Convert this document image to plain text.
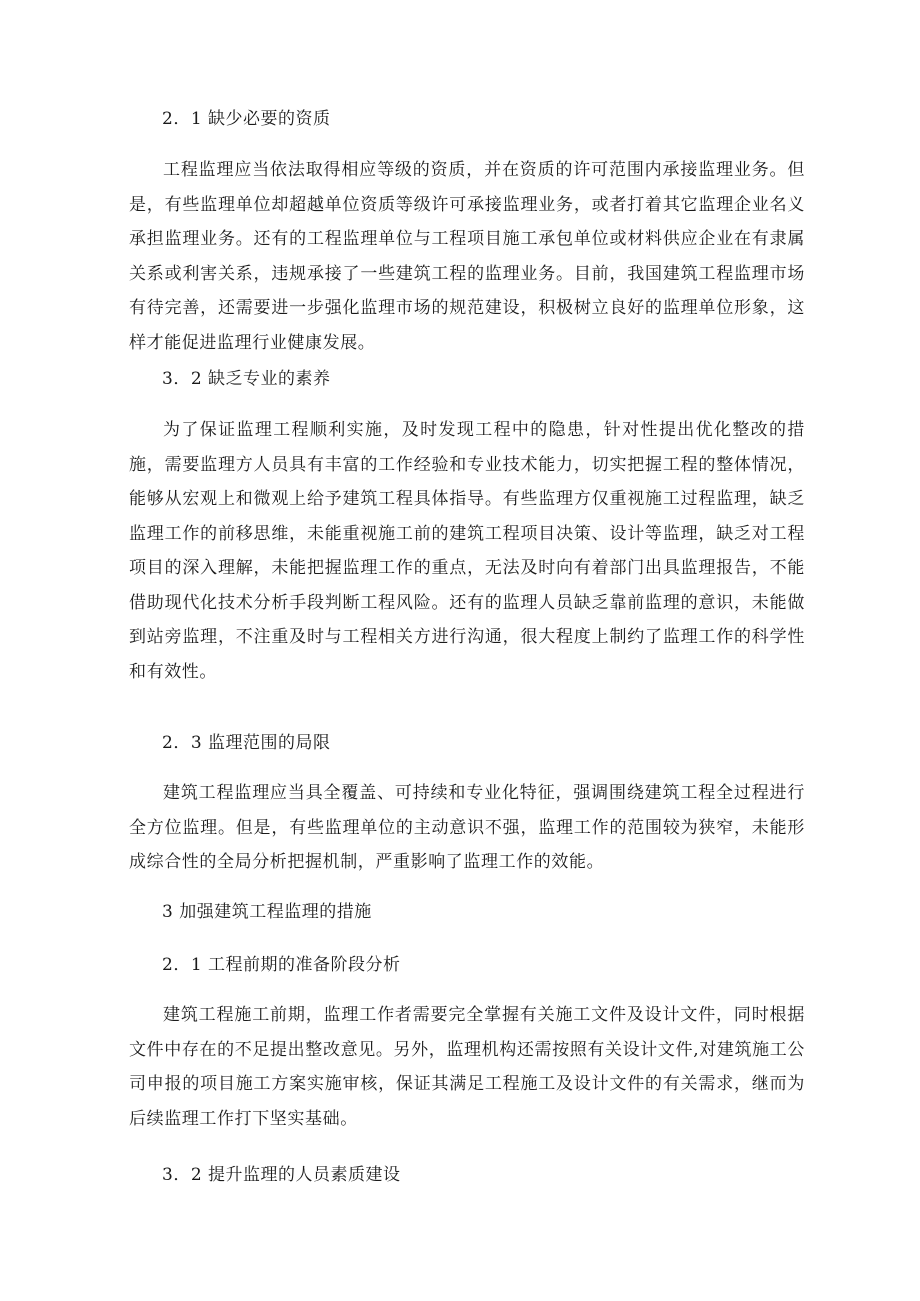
2．1 缺少必要的资质
工程监理应当依法取得相应等级的资质，并在资质的许可范围内承接监理业务。但是，有些监理单位却超越单位资质等级许可承接监理业务，或者打着其它监理企业名义承担监理业务。还有的工程监理单位与工程项目施工承包单位或材料供应企业在有隶属关系或利害关系，违规承接了一些建筑工程的监理业务。目前，我国建筑工程监理市场有待完善，还需要进一步强化监理市场的规范建设，积极树立良好的监理单位形象，这样才能促进监理行业健康发展。
3．2 缺乏专业的素养
为了保证监理工程顺利实施，及时发现工程中的隐患，针对性提出优化整改的措施，需要监理方人员具有丰富的工作经验和专业技术能力，切实把握工程的整体情况，能够从宏观上和微观上给予建筑工程具体指导。有些监理方仅重视施工过程监理，缺乏监理工作的前移思维，未能重视施工前的建筑工程项目决策、设计等监理，缺乏对工程项目的深入理解，未能把握监理工作的重点，无法及时向有着部门出具监理报告，不能借助现代化技术分析手段判断工程风险。还有的监理人员缺乏靠前监理的意识，未能做到站旁监理，不注重及时与工程相关方进行沟通，很大程度上制约了监理工作的科学性和有效性。
2．3 监理范围的局限
建筑工程监理应当具全覆盖、可持续和专业化特征，强调围绕建筑工程全过程进行全方位监理。但是，有些监理单位的主动意识不强，监理工作的范围较为狭窄，未能形成综合性的全局分析把握机制，严重影响了监理工作的效能。
3 加强建筑工程监理的措施
2．1 工程前期的准备阶段分析
建筑工程施工前期，监理工作者需要完全掌握有关施工文件及设计文件，同时根据文件中存在的不足提出整改意见。另外，监理机构还需按照有关设计文件,对建筑施工公司申报的项目施工方案实施审核，保证其满足工程施工及设计文件的有关需求，继而为后续监理工作打下坚实基础。
3．2 提升监理的人员素质建设
